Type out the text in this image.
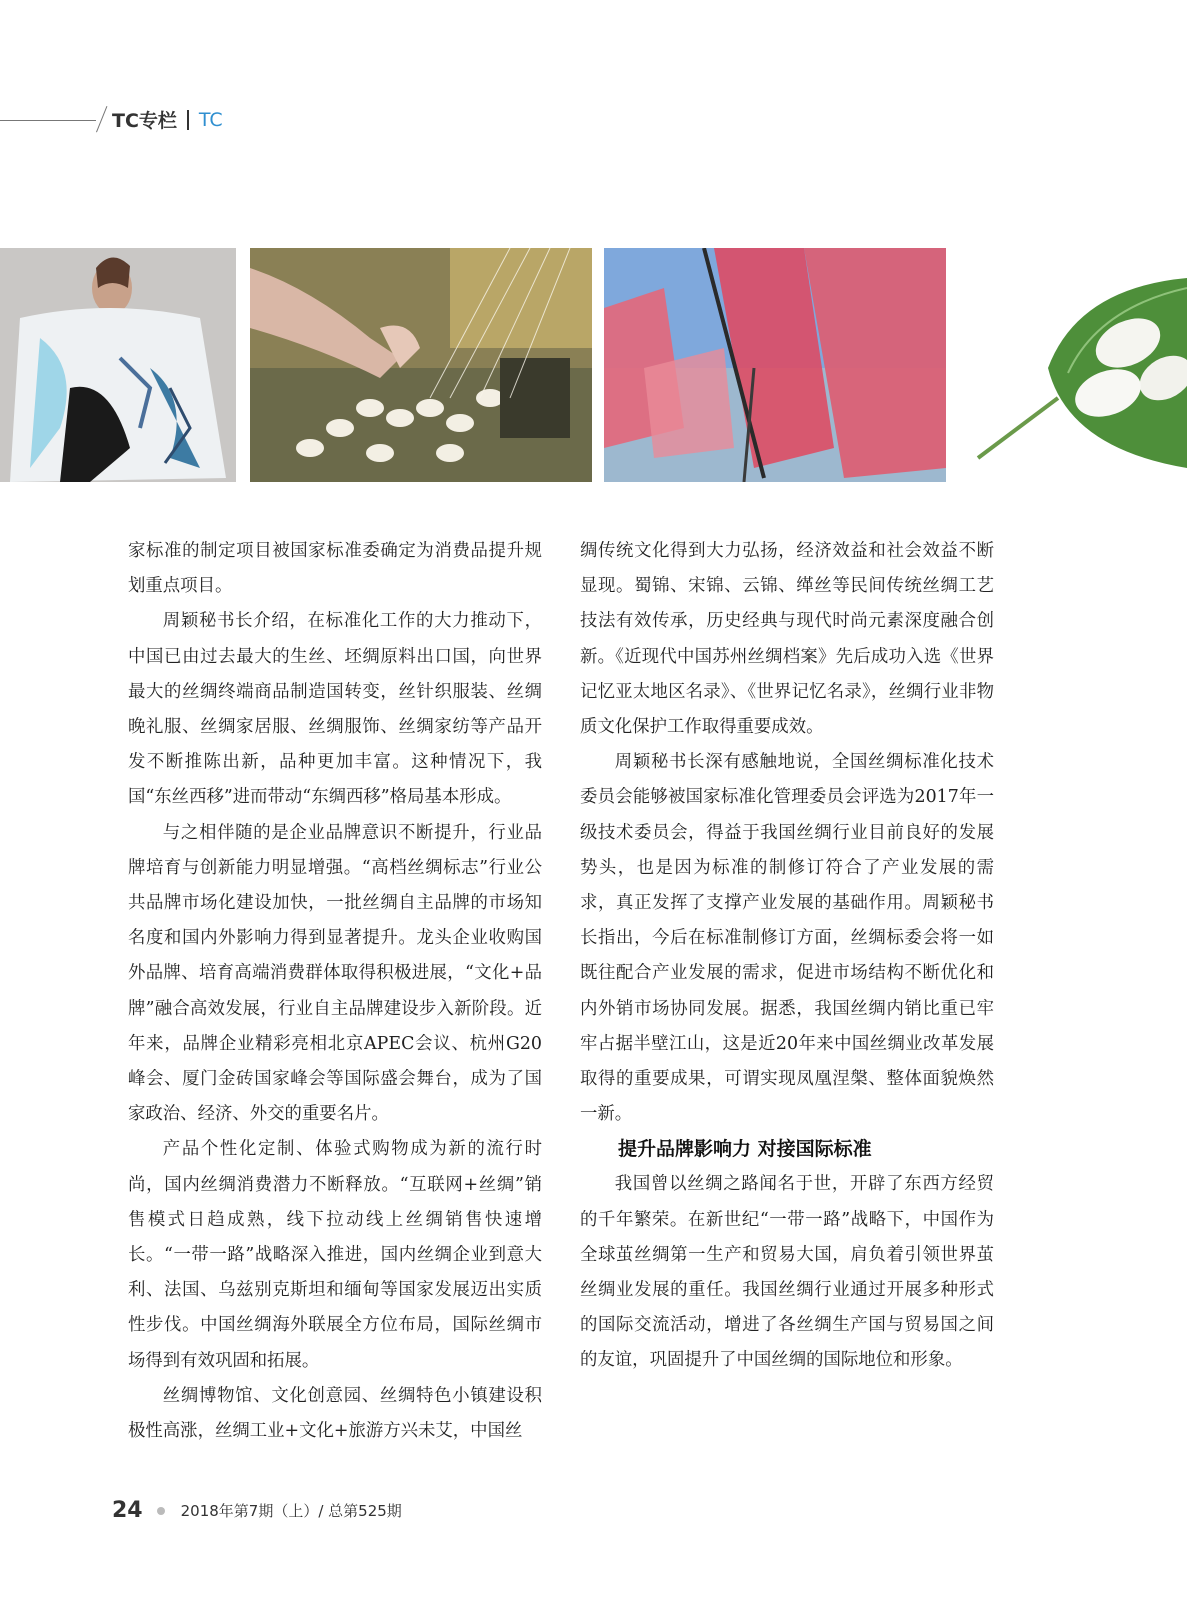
TC专栏 TC

家标准的制定项目被国家标准委确定为消费品提升规划重点项目。

周颖秘书长介绍，在标准化工作的大力推动下，中国已由过去最大的生丝、坯绸原料出口国，向世界最大的丝绸终端商品制造国转变，丝针织服装、丝绸晚礼服、丝绸家居服、丝绸服饰、丝绸家纺等产品开发不断推陈出新，品种更加丰富。这种情况下，我国“东丝西移”进而带动“东绸西移”格局基本形成。

与之相伴随的是企业品牌意识不断提升，行业品牌培育与创新能力明显增强。“高档丝绸标志”行业公共品牌市场化建设加快，一批丝绸自主品牌的市场知名度和国内外影响力得到显著提升。龙头企业收购国外品牌、培育高端消费群体取得积极进展，“文化+品牌”融合高效发展，行业自主品牌建设步入新阶段。近年来，品牌企业精彩亮相北京APEC会议、杭州G20峰会、厦门金砖国家峰会等国际盛会舞台，成为了国家政治、经济、外交的重要名片。

产品个性化定制、体验式购物成为新的流行时尚，国内丝绸消费潜力不断释放。“互联网+丝绸”销售模式日趋成熟，线下拉动线上丝绸销售快速增长。“一带一路”战略深入推进，国内丝绸企业到意大利、法国、乌兹别克斯坦和缅甸等国家发展迈出实质性步伐。中国丝绸海外联展全方位布局，国际丝绸市场得到有效巩固和拓展。

丝绸博物馆、文化创意园、丝绸特色小镇建设积极性高涨，丝绸工业+文化+旅游方兴未艾，中国丝

绸传统文化得到大力弘扬，经济效益和社会效益不断显现。蜀锦、宋锦、云锦、缂丝等民间传统丝绸工艺技法有效传承，历史经典与现代时尚元素深度融合创新。《近现代中国苏州丝绸档案》先后成功入选《世界记忆亚太地区名录》、《世界记忆名录》，丝绸行业非物质文化保护工作取得重要成效。

周颖秘书长深有感触地说，全国丝绸标准化技术委员会能够被国家标准化管理委员会评选为2017年一级技术委员会，得益于我国丝绸行业目前良好的发展势头，也是因为标准的制修订符合了产业发展的需求，真正发挥了支撑产业发展的基础作用。周颖秘书长指出，今后在标准制修订方面，丝绸标委会将一如既往配合产业发展的需求，促进市场结构不断优化和内外销市场协同发展。据悉，我国丝绸内销比重已牢牢占据半壁江山，这是近20年来中国丝绸业改革发展取得的重要成果，可谓实现凤凰涅槃、整体面貌焕然一新。

提升品牌影响力 对接国际标准

我国曾以丝绸之路闻名于世，开辟了东西方经贸的千年繁荣。在新世纪“一带一路”战略下，中国作为全球茧丝绸第一生产和贸易大国，肩负着引领世界茧丝绸业发展的重任。我国丝绸行业通过开展多种形式的国际交流活动，增进了各丝绸生产国与贸易国之间的友谊，巩固提升了中国丝绸的国际地位和形象。

24	2018年第7期（上）/ 总第525期
